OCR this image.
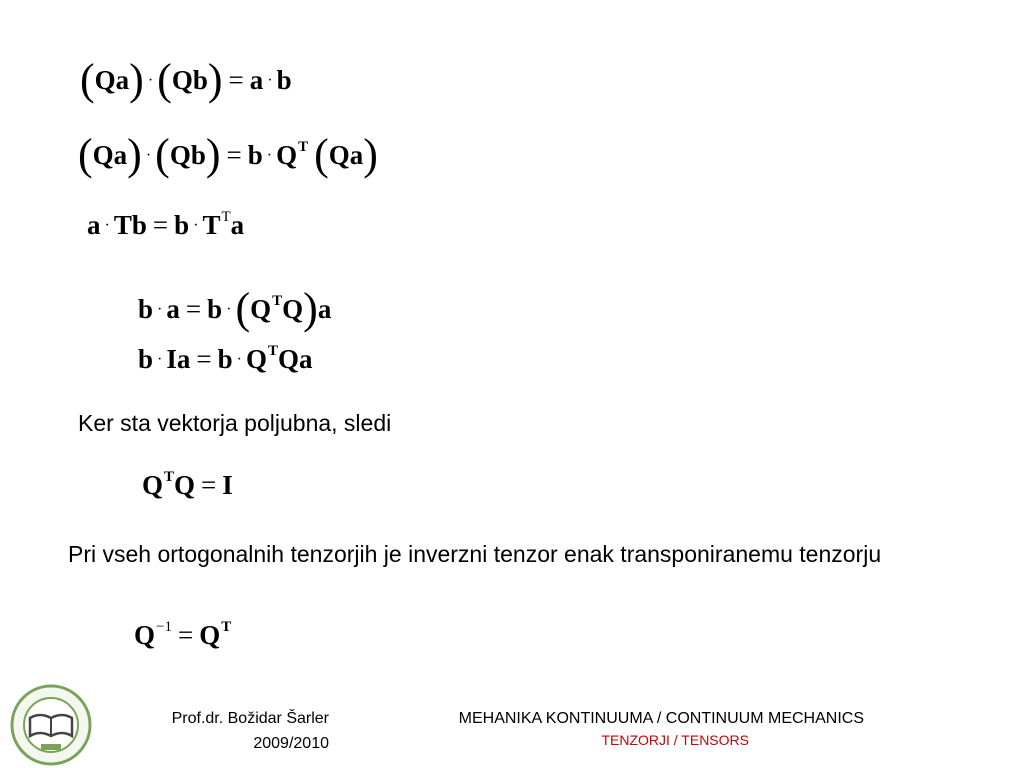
(Qa) ·(Qb) = a · b
$(Qa) \cdot(Qb) = b \cdot Q^T$ (Qa)
$a \cdot Tb = b \cdot T^Ta$
$b \cdot a = b \cdot(Q^TQ)a$
$b \cdot Ia = b \cdot Q^TQa$
Ker sta vektorja poljubna, sledi
$Q^TQ = I$
Pri vseh ortogonalnih tenzorjih je inverzni tenzor enak transponiranemu tenzorju
$Q^{-1} = Q^T$
Prof.dr. Božidar Šarler
2009/2010
MEHANIKA KONTINUUMA / CONTINUUM MECHANICS
TENZORJI / TENSORS
